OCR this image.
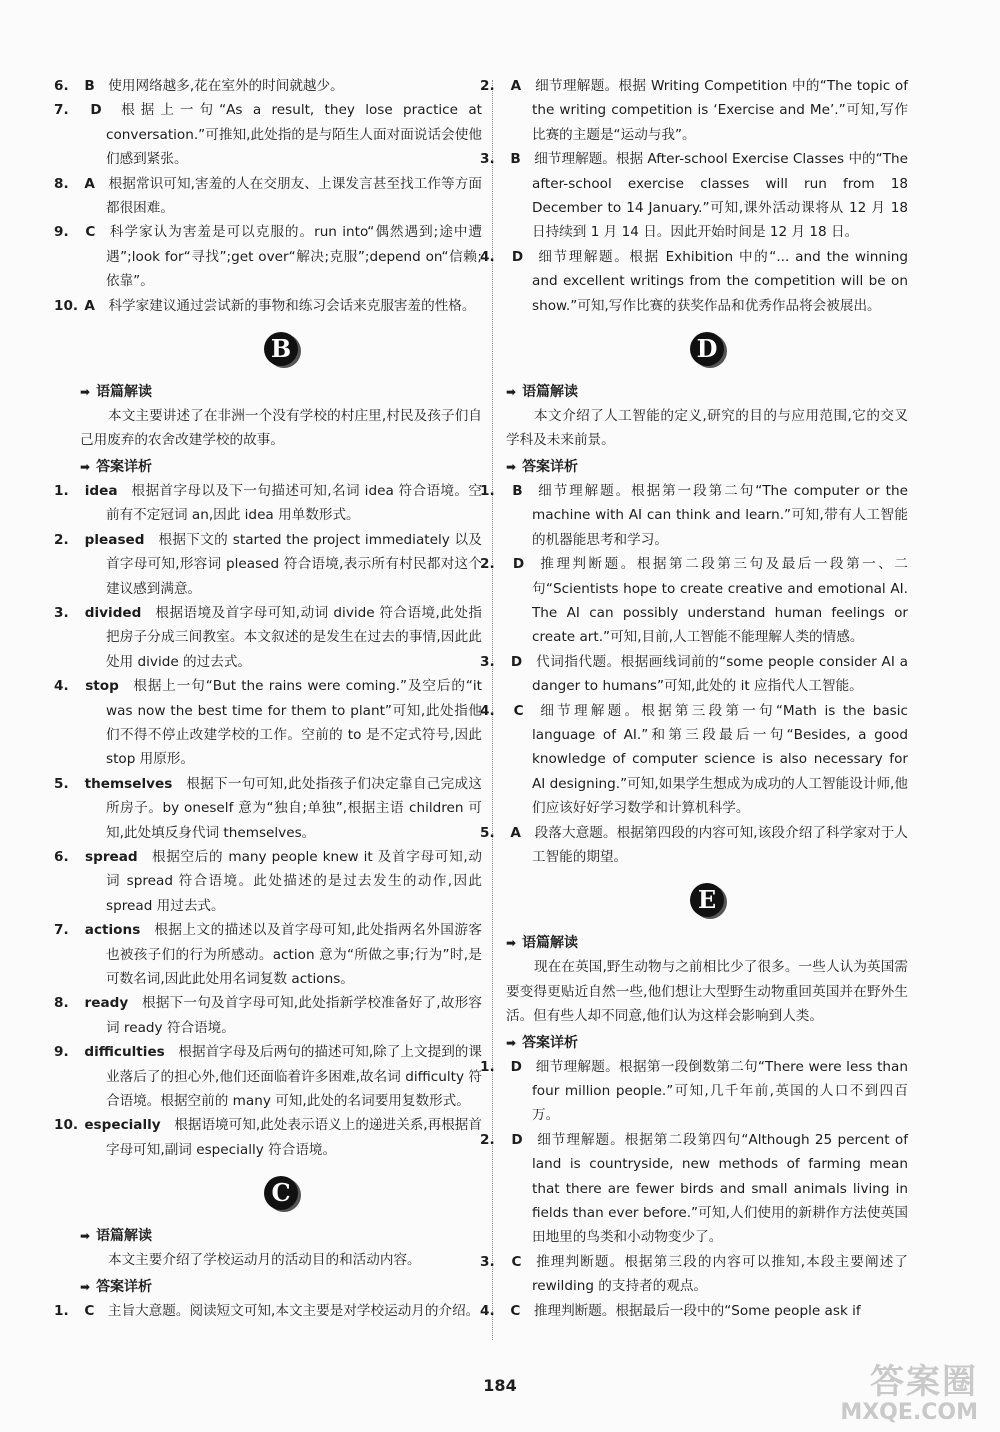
6. B  使用网络越多,花在室外的时间就越少。
7. D  根据上一句“As a result, they lose practice at conversation.”可推知,此处指的是与陌生人面对面说话会使他们感到紧张。
8. A  根据常识可知,害羞的人在交朋友、上课发言甚至找工作等方面都很困难。
9. C  科学家认为害羞是可以克服的。run into“偶然遇到;途中遭遇”;look for“寻找”;get over“解决;克服”;depend on“信赖;依靠”。
10. A  科学家建议通过尝试新的事物和练习会话来克服害羞的性格。
B
➡ 语篇解读

本文主要讲述了在非洲一个没有学校的村庄里,村民及孩子们自己用废弃的农舍改建学校的故事。

➡ 答案详析
1. idea  根据首字母以及下一句描述可知,名词 idea 符合语境。空前有不定冠词 an,因此 idea 用单数形式。
2. pleased  根据下文的 started the project immediately 以及首字母可知,形容词 pleased 符合语境,表示所有村民都对这个建议感到满意。
3. divided  根据语境及首字母可知,动词 divide 符合语境,此处指把房子分成三间教室。本文叙述的是发生在过去的事情,因此此处用 divide 的过去式。
4. stop  根据上一句“But the rains were coming.”及空后的“it was now the best time for them to plant”可知,此处指他们不得不停止改建学校的工作。空前的 to 是不定式符号,因此 stop 用原形。
5. themselves  根据下一句可知,此处指孩子们决定靠自己完成这所房子。by oneself 意为“独自;单独”,根据主语 children 可知,此处填反身代词 themselves。
6. spread  根据空后的 many people knew it 及首字母可知,动词 spread 符合语境。此处描述的是过去发生的动作,因此 spread 用过去式。
7. actions  根据上文的描述以及首字母可知,此处指两名外国游客也被孩子们的行为所感动。action 意为“所做之事;行为”时,是可数名词,因此此处用名词复数 actions。
8. ready  根据下一句及首字母可知,此处指新学校准备好了,故形容词 ready 符合语境。
9. difficulties  根据首字母及后两句的描述可知,除了上文提到的课业落后了的担心外,他们还面临着许多困难,故名词 difficulty 符合语境。根据空前的 many 可知,此处的名词要用复数形式。
10. especially  根据语境可知,此处表示语义上的递进关系,再根据首字母可知,副词 especially 符合语境。
C
➡ 语篇解读

本文主要介绍了学校运动月的活动目的和活动内容。

➡ 答案详析
1. C  主旨大意题。阅读短文可知,本文主要是对学校运动月的介绍。
2. A  细节理解题。根据 Writing Competition 中的“The topic of the writing competition is ‘Exercise and Me’.”可知,写作比赛的主题是“运动与我”。
3. B  细节理解题。根据 After-school Exercise Classes 中的“The after-school exercise classes will run from 18 December to 14 January.”可知,课外活动课将从 12 月 18 日持续到 1 月 14 日。因此开始时间是 12 月 18 日。
4. D  细节理解题。根据 Exhibition 中的“... and the winning and excellent writings from the competition will be on show.”可知,写作比赛的获奖作品和优秀作品将会被展出。
D
➡ 语篇解读

本文介绍了人工智能的定义,研究的目的与应用范围,它的交叉学科及未来前景。

➡ 答案详析
1. B  细节理解题。根据第一段第二句“The computer or the machine with AI can think and learn.”可知,带有人工智能的机器能思考和学习。
2. D  推理判断题。根据第二段第三句及最后一段第一、二句“Scientists hope to create creative and emotional AI. The AI can possibly understand human feelings or create art.”可知,目前,人工智能不能理解人类的情感。
3. D  代词指代题。根据画线词前的“some people consider AI a danger to humans”可知,此处的 it 应指代人工智能。
4. C  细节理解题。根据第三段第一句“Math is the basic language of AI.”和第三段最后一句“Besides, a good knowledge of computer science is also necessary for AI designing.”可知,如果学生想成为成功的人工智能设计师,他们应该好好学习数学和计算机科学。
5. A  段落大意题。根据第四段的内容可知,该段介绍了科学家对于人工智能的期望。
E
➡ 语篇解读

现在在英国,野生动物与之前相比少了很多。一些人认为英国需要变得更贴近自然一些,他们想让大型野生动物重回英国并在野外生活。但有些人却不同意,他们认为这样会影响到人类。

➡ 答案详析
1. D  细节理解题。根据第一段倒数第二句“There were less than four million people.”可知,几千年前,英国的人口不到四百万。
2. D  细节理解题。根据第二段第四句“Although 25 percent of land is countryside, new methods of farming mean that there are fewer birds and small animals living in fields than ever before.”可知,人们使用的新耕作方法使英国田地里的鸟类和小动物变少了。
3. C  推理判断题。根据第三段的内容可以推知,本段主要阐述了 rewilding 的支持者的观点。
4. C  推理判断题。根据最后一段中的“Some people ask if
184	答案圈
MXQE.COM
